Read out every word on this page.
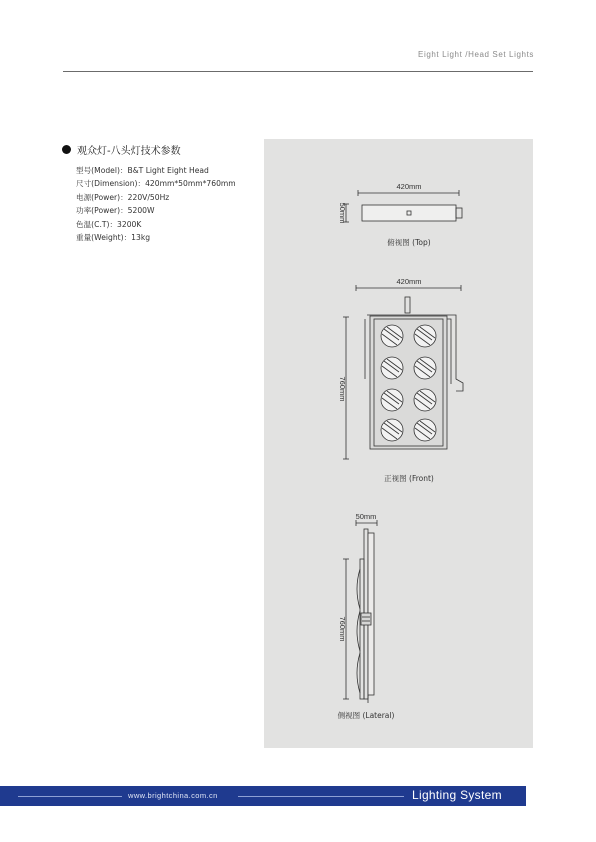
Eight Light /Head Set Lights
观众灯-八头灯技术参数
型号(Model)：B&T Light Eight Head
尺寸(Dimension)：420mm*50mm*760mm
电源(Power)：220V/50Hz
功率(Power)：5200W
色温(C.T)：3200K
重量(Weight)：13kg
420mm
50mm
俯视图 (Top)
420mm
760mm
正视图 (Front)
50mm
760mm
侧视图 (Lateral)
www.brightchina.com.cn	Lighting System
